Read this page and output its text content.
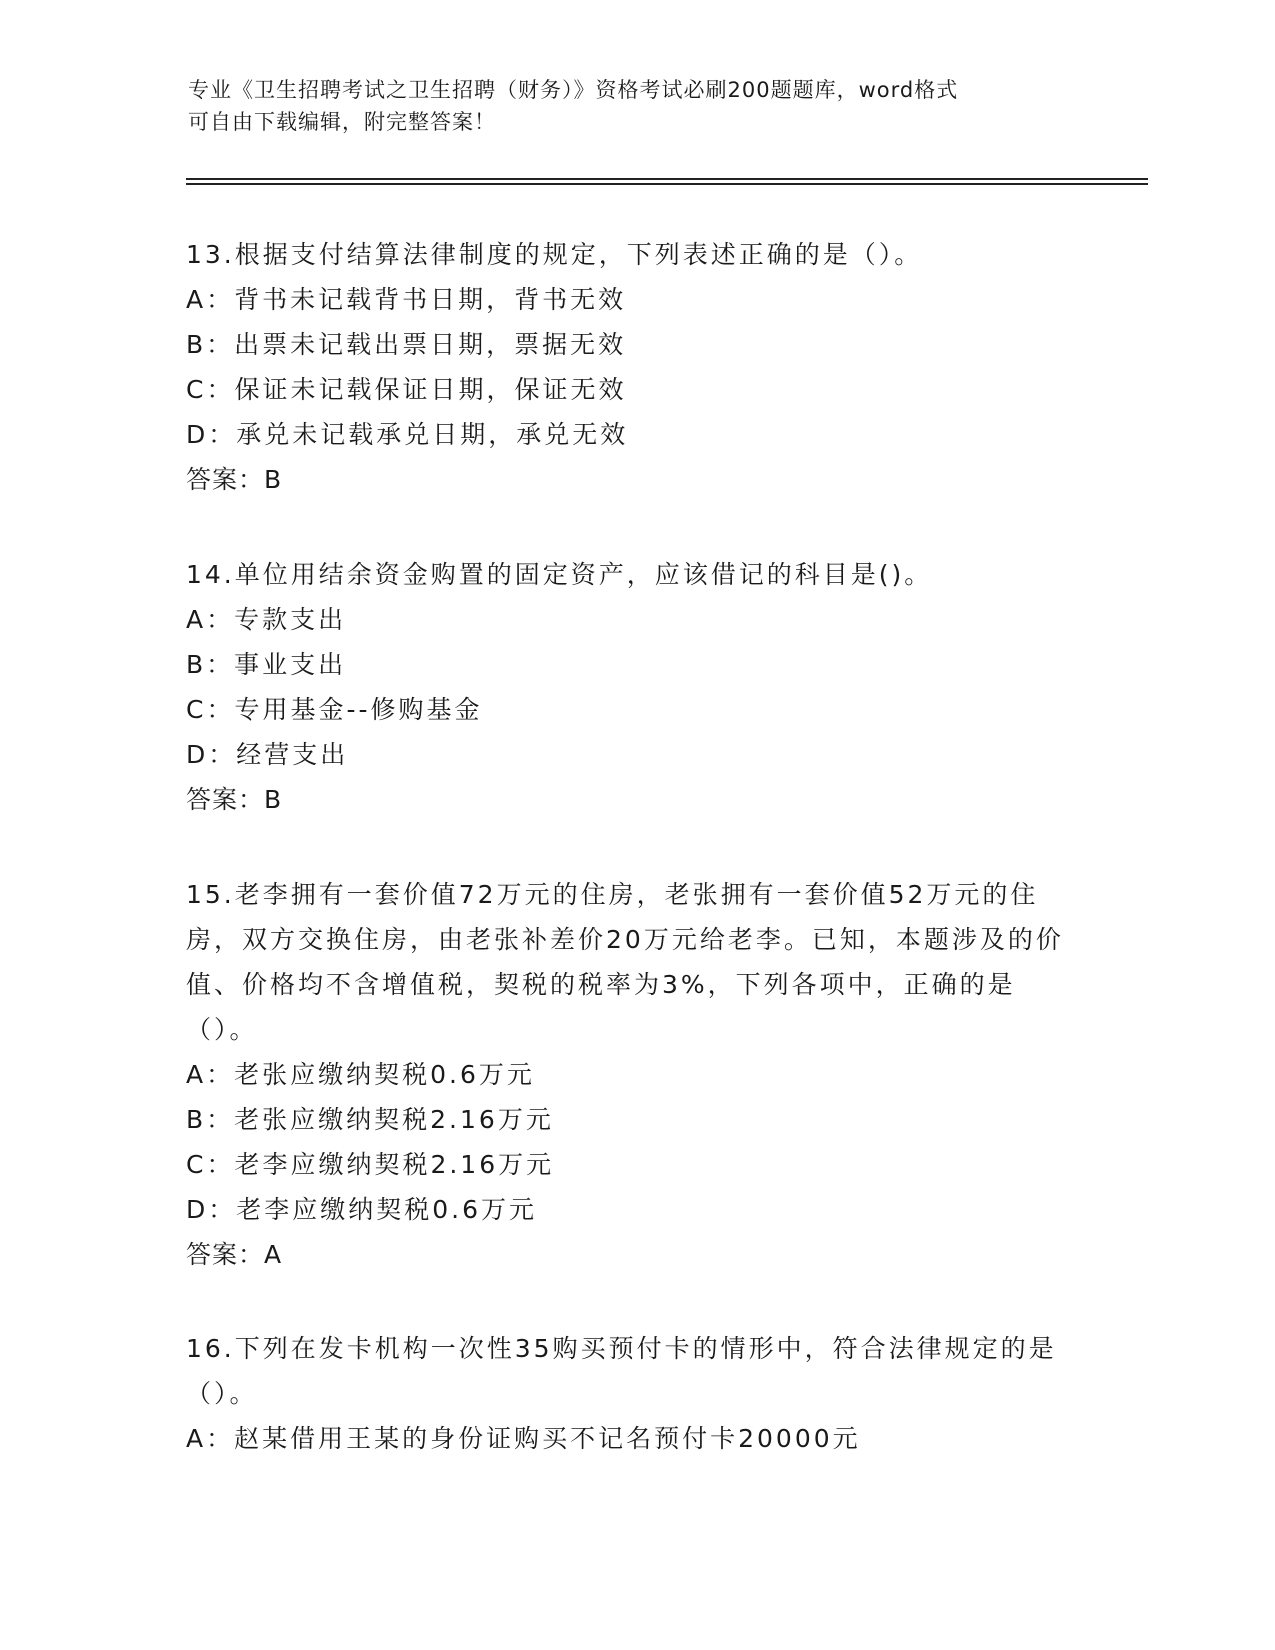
专业《卫生招聘考试之卫生招聘（财务）》资格考试必刷200题题库，word格式
可自由下载编辑，附完整答案！
13.根据支付结算法律制度的规定，下列表述正确的是（）。
A：背书未记载背书日期，背书无效
B：出票未记载出票日期，票据无效
C：保证未记载保证日期，保证无效
D：承兑未记载承兑日期，承兑无效
答案：B
14.单位用结余资金购置的固定资产，应该借记的科目是()。
A：专款支出
B：事业支出
C：专用基金--修购基金
D：经营支出
答案：B
15.老李拥有一套价值72万元的住房，老张拥有一套价值52万元的住房，双方交换住房，由老张补差价20万元给老李。已知，本题涉及的价值、价格均不含增值税，契税的税率为3%，下列各项中，正确的是（）。
A：老张应缴纳契税0.6万元
B：老张应缴纳契税2.16万元
C：老李应缴纳契税2.16万元
D：老李应缴纳契税0.6万元
答案：A
16.下列在发卡机构一次性35购买预付卡的情形中，符合法律规定的是（）。
A：赵某借用王某的身份证购买不记名预付卡20000元
